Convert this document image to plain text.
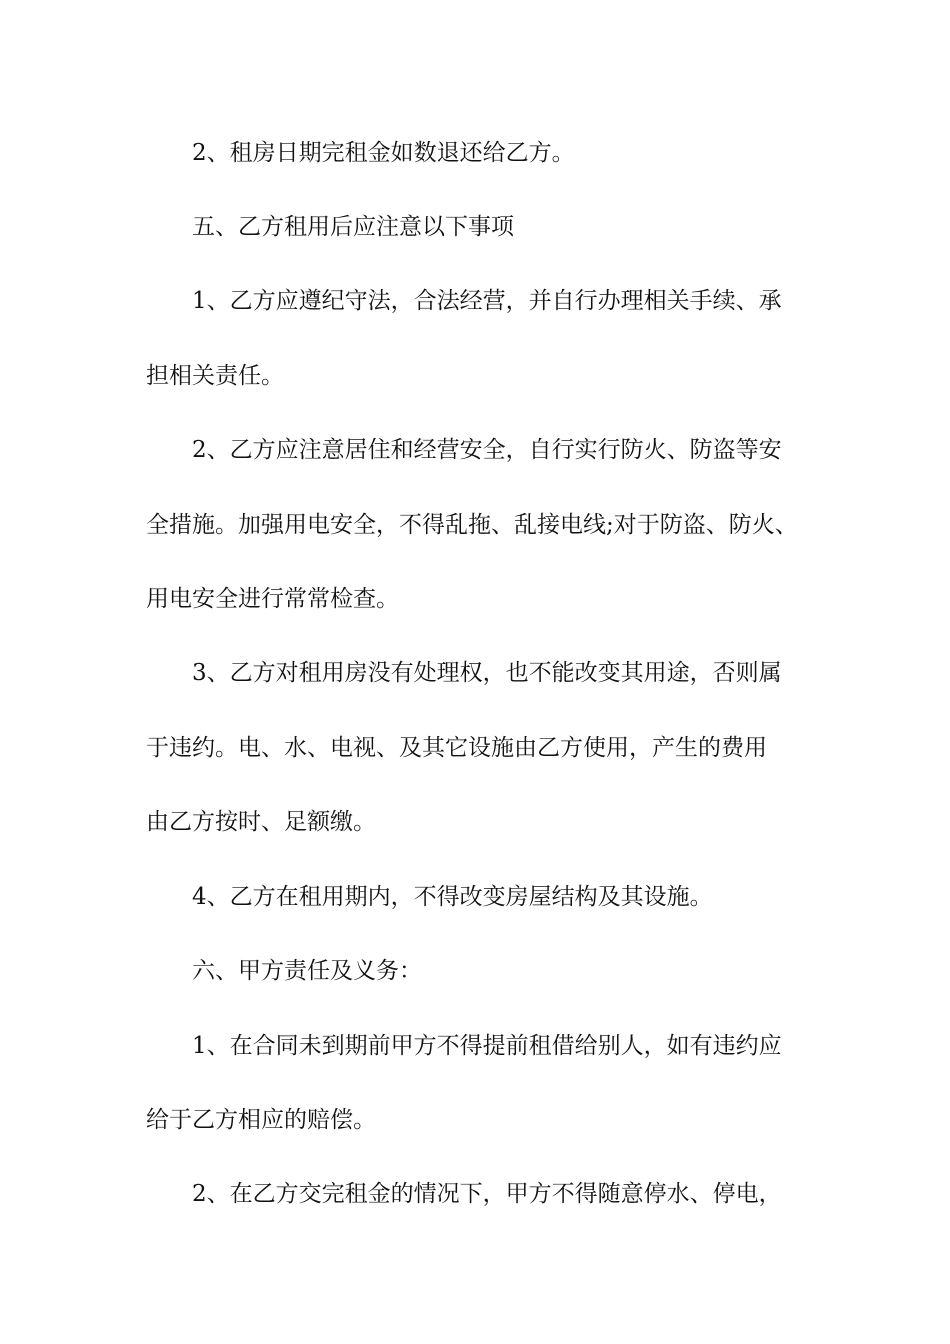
2、租房日期完租金如数退还给乙方。
五、乙方租用后应注意以下事项
1、乙方应遵纪守法，合法经营，并自行办理相关手续、承
担相关责任。
2、乙方应注意居住和经营安全，自行实行防火、防盗等安
全措施。加强用电安全，不得乱拖、乱接电线;对于防盗、防火、
用电安全进行常常检查。
3、乙方对租用房没有处理权，也不能改变其用途，否则属
于违约。电、水、电视、及其它设施由乙方使用，产生的费用
由乙方按时、足额缴。
4、乙方在租用期内，不得改变房屋结构及其设施。
六、甲方责任及义务：
1、在合同未到期前甲方不得提前租借给别人，如有违约应
给于乙方相应的赔偿。
2、在乙方交完租金的情况下，甲方不得随意停水、停电，
